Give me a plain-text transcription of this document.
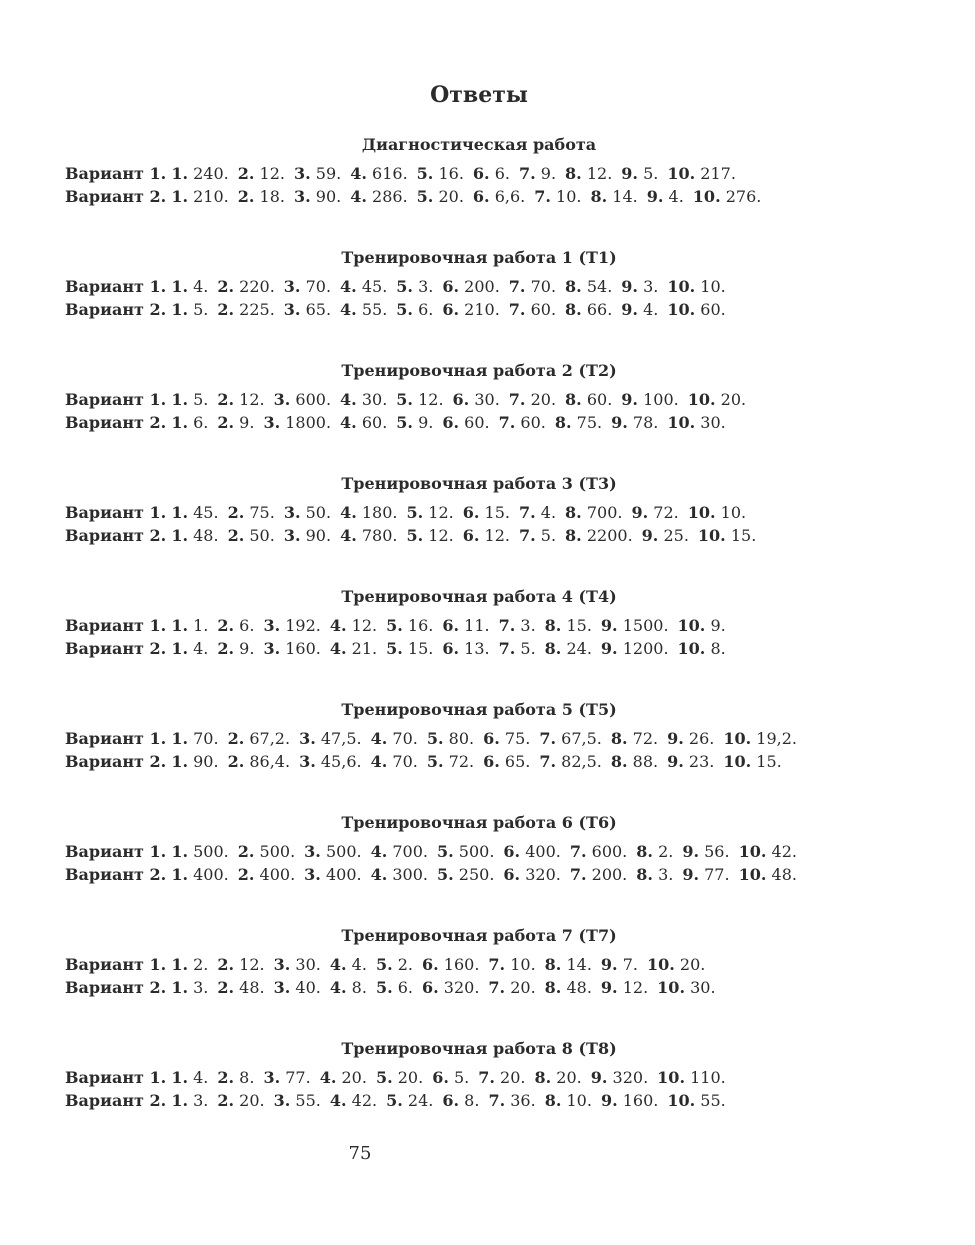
Ответы
Диагностическая работа
Вариант 1. 1. 240. 2. 12. 3. 59. 4. 616. 5. 16. 6. 6. 7. 9. 8. 12. 9. 5. 10. 217.
Вариант 2. 1. 210. 2. 18. 3. 90. 4. 286. 5. 20. 6. 6,6. 7. 10. 8. 14. 9. 4. 10. 276.
Тренировочная работа 1 (T1)
Вариант 1. 1. 4. 2. 220. 3. 70. 4. 45. 5. 3. 6. 200. 7. 70. 8. 54. 9. 3. 10. 10.
Вариант 2. 1. 5. 2. 225. 3. 65. 4. 55. 5. 6. 6. 210. 7. 60. 8. 66. 9. 4. 10. 60.
Тренировочная работа 2 (T2)
Вариант 1. 1. 5. 2. 12. 3. 600. 4. 30. 5. 12. 6. 30. 7. 20. 8. 60. 9. 100. 10. 20.
Вариант 2. 1. 6. 2. 9. 3. 1800. 4. 60. 5. 9. 6. 60. 7. 60. 8. 75. 9. 78. 10. 30.
Тренировочная работа 3 (T3)
Вариант 1. 1. 45. 2. 75. 3. 50. 4. 180. 5. 12. 6. 15. 7. 4. 8. 700. 9. 72. 10. 10.
Вариант 2. 1. 48. 2. 50. 3. 90. 4. 780. 5. 12. 6. 12. 7. 5. 8. 2200. 9. 25. 10. 15.
Тренировочная работа 4 (T4)
Вариант 1. 1. 1. 2. 6. 3. 192. 4. 12. 5. 16. 6. 11. 7. 3. 8. 15. 9. 1500. 10. 9.
Вариант 2. 1. 4. 2. 9. 3. 160. 4. 21. 5. 15. 6. 13. 7. 5. 8. 24. 9. 1200. 10. 8.
Тренировочная работа 5 (T5)
Вариант 1. 1. 70. 2. 67,2. 3. 47,5. 4. 70. 5. 80. 6. 75. 7. 67,5. 8. 72. 9. 26. 10. 19,2.
Вариант 2. 1. 90. 2. 86,4. 3. 45,6. 4. 70. 5. 72. 6. 65. 7. 82,5. 8. 88. 9. 23. 10. 15.
Тренировочная работа 6 (T6)
Вариант 1. 1. 500. 2. 500. 3. 500. 4. 700. 5. 500. 6. 400. 7. 600. 8. 2. 9. 56. 10. 42.
Вариант 2. 1. 400. 2. 400. 3. 400. 4. 300. 5. 250. 6. 320. 7. 200. 8. 3. 9. 77. 10. 48.
Тренировочная работа 7 (T7)
Вариант 1. 1. 2. 2. 12. 3. 30. 4. 4. 5. 2. 6. 160. 7. 10. 8. 14. 9. 7. 10. 20.
Вариант 2. 1. 3. 2. 48. 3. 40. 4. 8. 5. 6. 6. 320. 7. 20. 8. 48. 9. 12. 10. 30.
Тренировочная работа 8 (T8)
Вариант 1. 1. 4. 2. 8. 3. 77. 4. 20. 5. 20. 6. 5. 7. 20. 8. 20. 9. 320. 10. 110.
Вариант 2. 1. 3. 2. 20. 3. 55. 4. 42. 5. 24. 6. 8. 7. 36. 8. 10. 9. 160. 10. 55.
75
